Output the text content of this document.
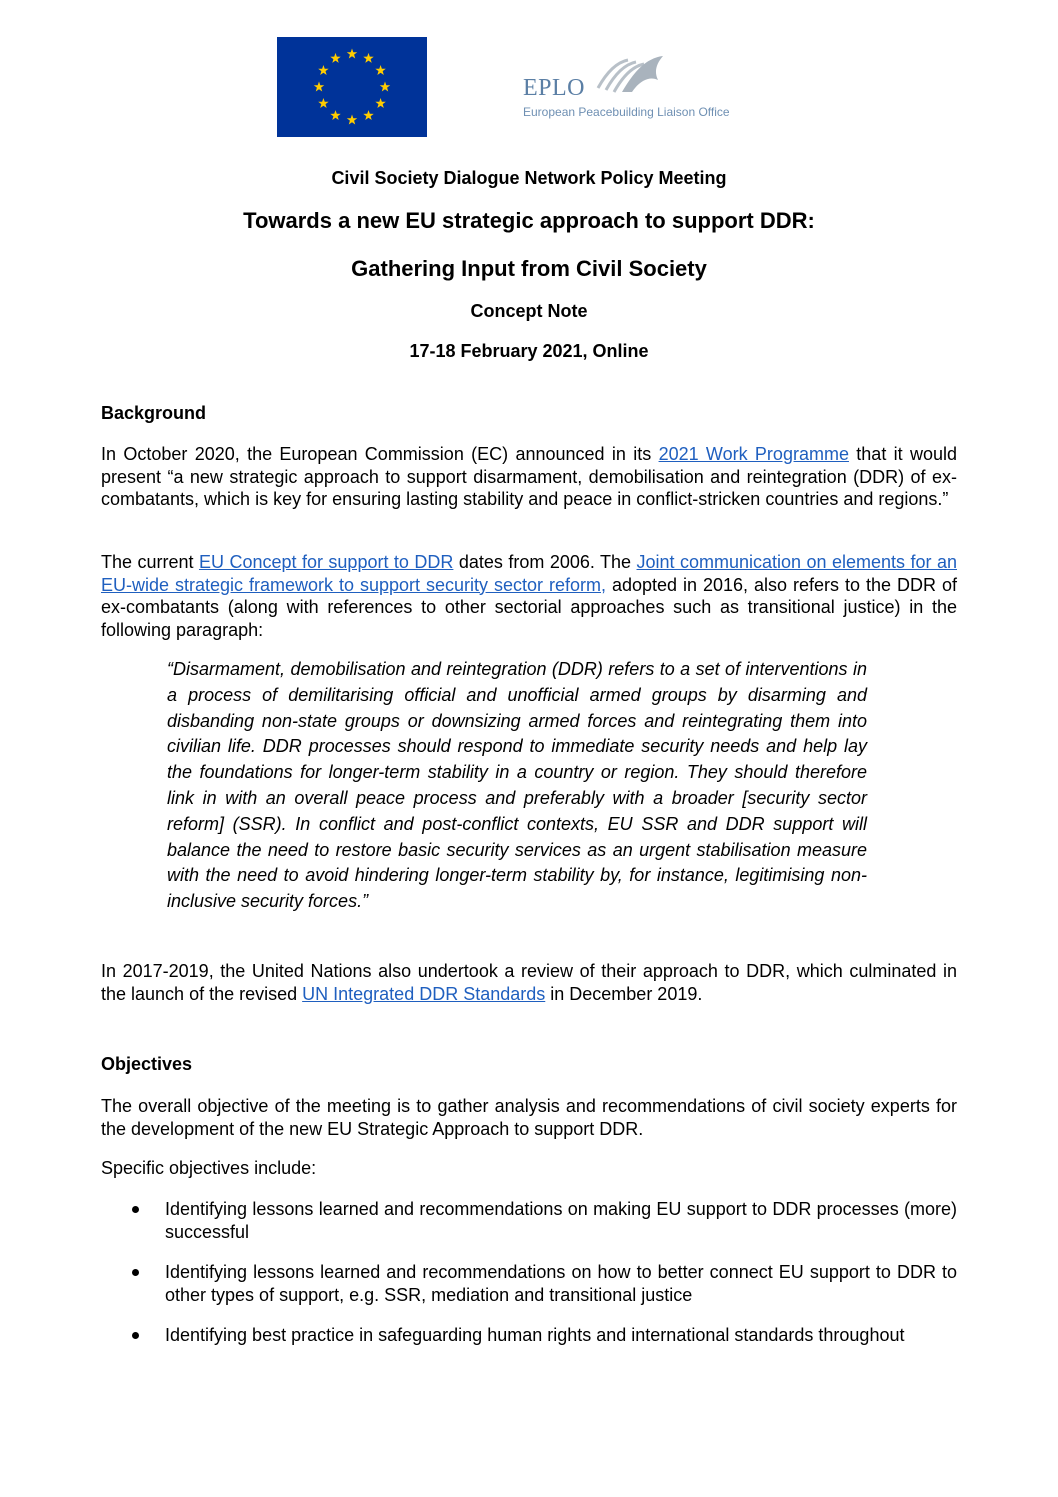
EPLO
European Peacebuilding Liaison Office
Civil Society Dialogue Network Policy Meeting
Towards a new EU strategic approach to support DDR:
Gathering Input from Civil Society
Concept Note
17-18 February 2021, Online
Background
In October 2020, the European Commission (EC) announced in its 2021 Work Programme that it would present “a new strategic approach to support disarmament, demobilisation and reintegration (DDR) of ex-combatants, which is key for ensuring lasting stability and peace in conflict-stricken countries and regions.”
The current EU Concept for support to DDR dates from 2006. The Joint communication on elements for an EU-wide strategic framework to support security sector reform, adopted in 2016, also refers to the DDR of ex-combatants (along with references to other sectorial approaches such as transitional justice) in the following paragraph:
“Disarmament, demobilisation and reintegration (DDR) refers to a set of interventions in a process of demilitarising official and unofficial armed groups by disarming and disbanding non-state groups or downsizing armed forces and reintegrating them into civilian life. DDR processes should respond to immediate security needs and help lay the foundations for longer-term stability in a country or region. They should therefore link in with an overall peace process and preferably with a broader [security sector reform] (SSR). In conflict and post-conflict contexts, EU SSR and DDR support will balance the need to restore basic security services as an urgent stabilisation measure with the need to avoid hindering longer-term stability by, for instance, legitimising non-inclusive security forces.”
In 2017-2019, the United Nations also undertook a review of their approach to DDR, which culminated in the launch of the revised UN Integrated DDR Standards in December 2019.
Objectives
The overall objective of the meeting is to gather analysis and recommendations of civil society experts for the development of the new EU Strategic Approach to support DDR.
Specific objectives include:
Identifying lessons learned and recommendations on making EU support to DDR processes (more) successful
Identifying lessons learned and recommendations on how to better connect EU support to DDR to other types of support, e.g. SSR, mediation and transitional justice
Identifying best practice in safeguarding human rights and international standards throughout
